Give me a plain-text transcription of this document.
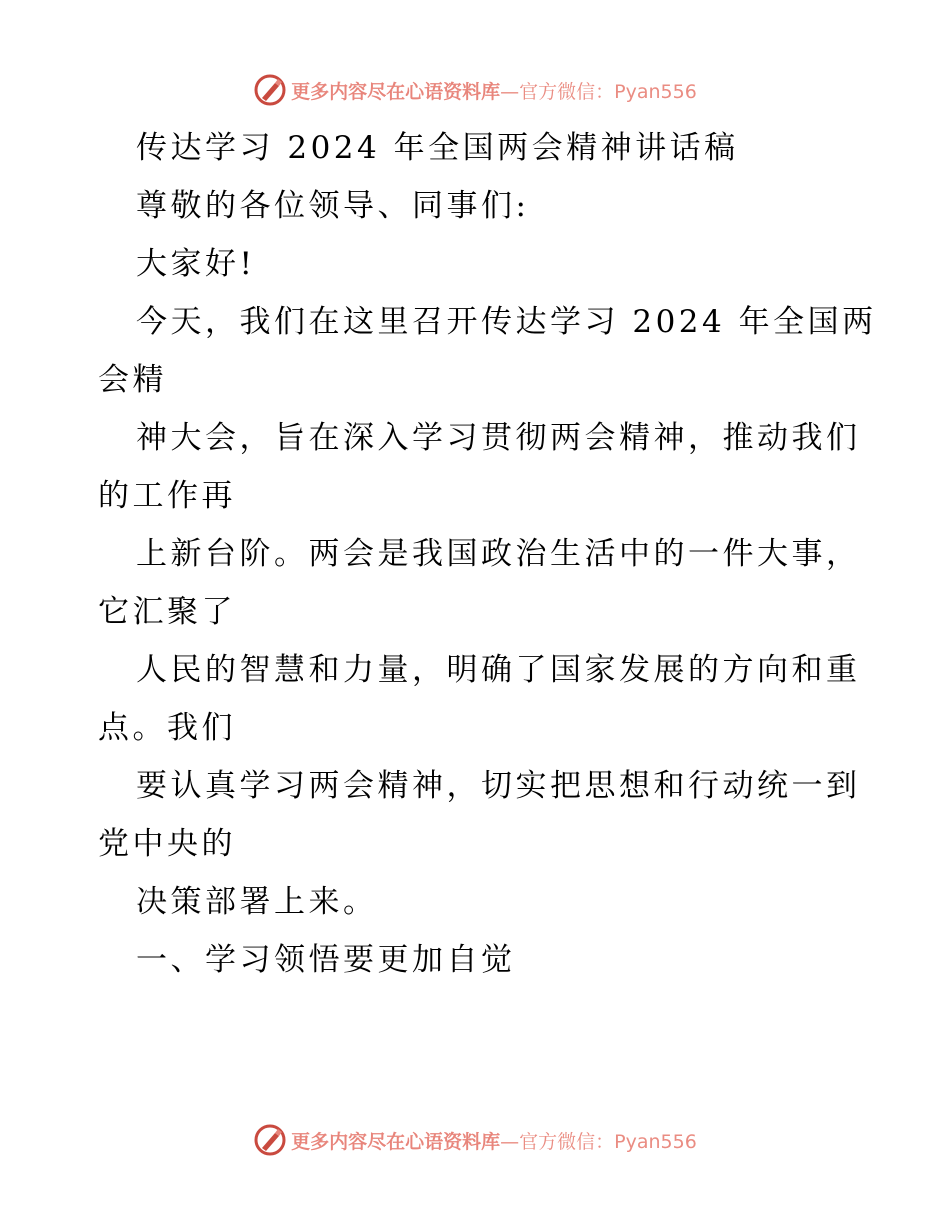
更多内容尽在心语资料库—官方微信：Pyan556
传达学习 2024 年全国两会精神讲话稿
尊敬的各位领导、同事们:
大家好!
今天，我们在这里召开传达学习 2024 年全国两
会精
神大会，旨在深入学习贯彻两会精神，推动我们
的工作再
上新台阶。两会是我国政治生活中的一件大事，
它汇聚了
人民的智慧和力量，明确了国家发展的方向和重
点。我们
要认真学习两会精神，切实把思想和行动统一到
党中央的
决策部署上来。
一、学习领悟要更加自觉
更多内容尽在心语资料库—官方微信：Pyan556
